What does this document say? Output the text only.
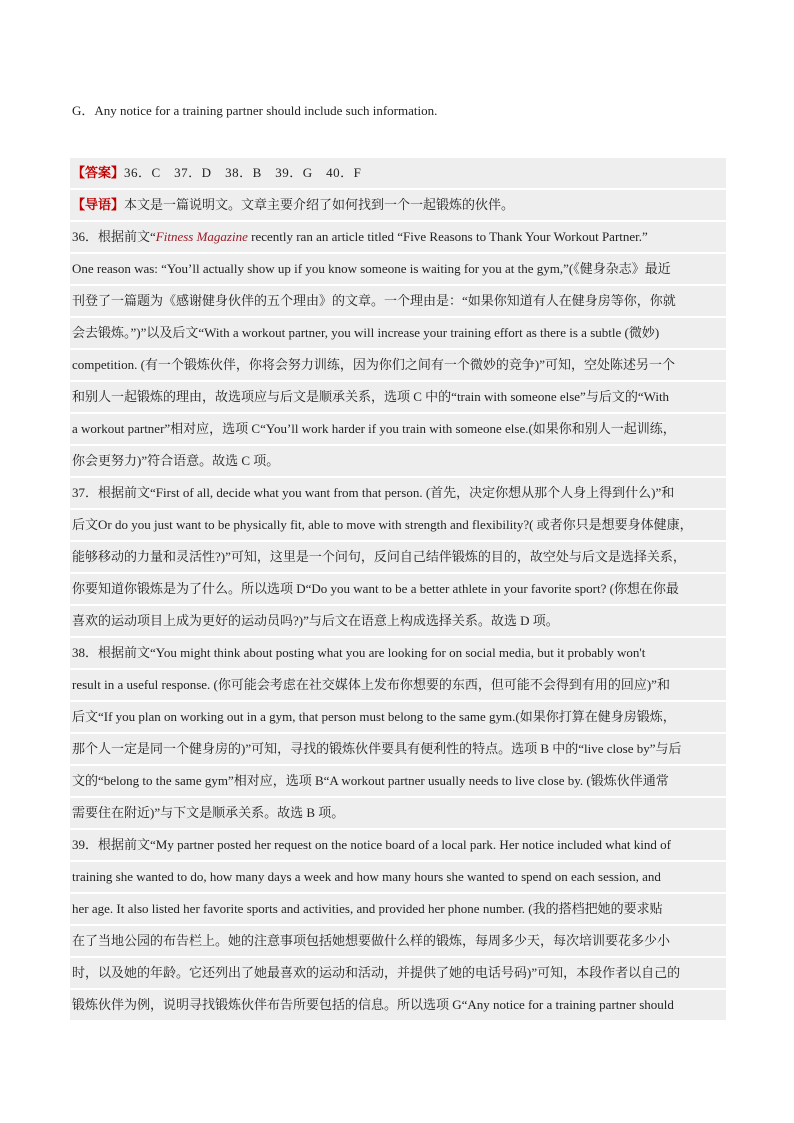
G．Any notice for a training partner should include such information.
【答案】36．C　37．D　38．B　39．G　40．F
【导语】本文是一篇说明文。文章主要介绍了如何找到一个一起锻炼的伙伴。
36．根据前文“Fitness Magazine recently ran an article titled “Five Reasons to Thank Your Workout Partner.”
One reason was: “You’ll actually show up if you know someone is waiting for you at the gym,”(《健身杂志》最近
刊登了一篇题为《感谢健身伙伴的五个理由》的文章。一个理由是：“如果你知道有人在健身房等你，你就
会去锻炼。”)”以及后文“With a workout partner, you will increase your training effort as there is a subtle (微妙)
competition. (有一个锻炼伙伴，你将会努力训练，因为你们之间有一个微妙的竞争)”可知，空处陈述另一个
和别人一起锻炼的理由，故选项应与后文是顺承关系，选项 C 中的“train with someone else”与后文的“With
a workout partner”相对应，选项 C“You’ll work harder if you train with someone else.(如果你和别人一起训练，
你会更努力)”符合语意。故选 C 项。
37．根据前文“First of all, decide what you want from that person. (首先，决定你想从那个人身上得到什么)”和
后文Or do you just want to be physically fit, able to move with strength and flexibility?( 或者你只是想要身体健康，
能够移动的力量和灵活性?)”可知，这里是一个问句，反问自己结伴锻炼的目的，故空处与后文是选择关系，
你要知道你锻炼是为了什么。所以选项 D“Do you want to be a better athlete in your favorite sport? (你想在你最
喜欢的运动项目上成为更好的运动员吗?)”与后文在语意上构成选择关系。故选 D 项。
38．根据前文“You might think about posting what you are looking for on social media, but it probably won't
result in a useful response. (你可能会考虑在社交媒体上发布你想要的东西，但可能不会得到有用的回应)”和
后文“If you plan on working out in a gym, that person must belong to the same gym.(如果你打算在健身房锻炼，
那个人一定是同一个健身房的)”可知，寻找的锻炼伙伴要具有便利性的特点。选项 B 中的“live close by”与后
文的“belong to the same gym”相对应，选项 B“A workout partner usually needs to live close by. (锻炼伙伴通常
需要住在附近)”与下文是顺承关系。故选 B 项。
39．根据前文“My partner posted her request on the notice board of a local park. Her notice included what kind of
training she wanted to do, how many days a week and how many hours she wanted to spend on each session, and
her age. It also listed her favorite sports and activities, and provided her phone number. (我的搭档把她的要求贴
在了当地公园的布告栏上。她的注意事项包括她想要做什么样的锻炼，每周多少天，每次培训要花多少小
时，以及她的年龄。它还列出了她最喜欢的运动和活动，并提供了她的电话号码)”可知，本段作者以自己的
锻炼伙伴为例，说明寻找锻炼伙伴布告所要包括的信息。所以选项 G“Any notice for a training partner should
